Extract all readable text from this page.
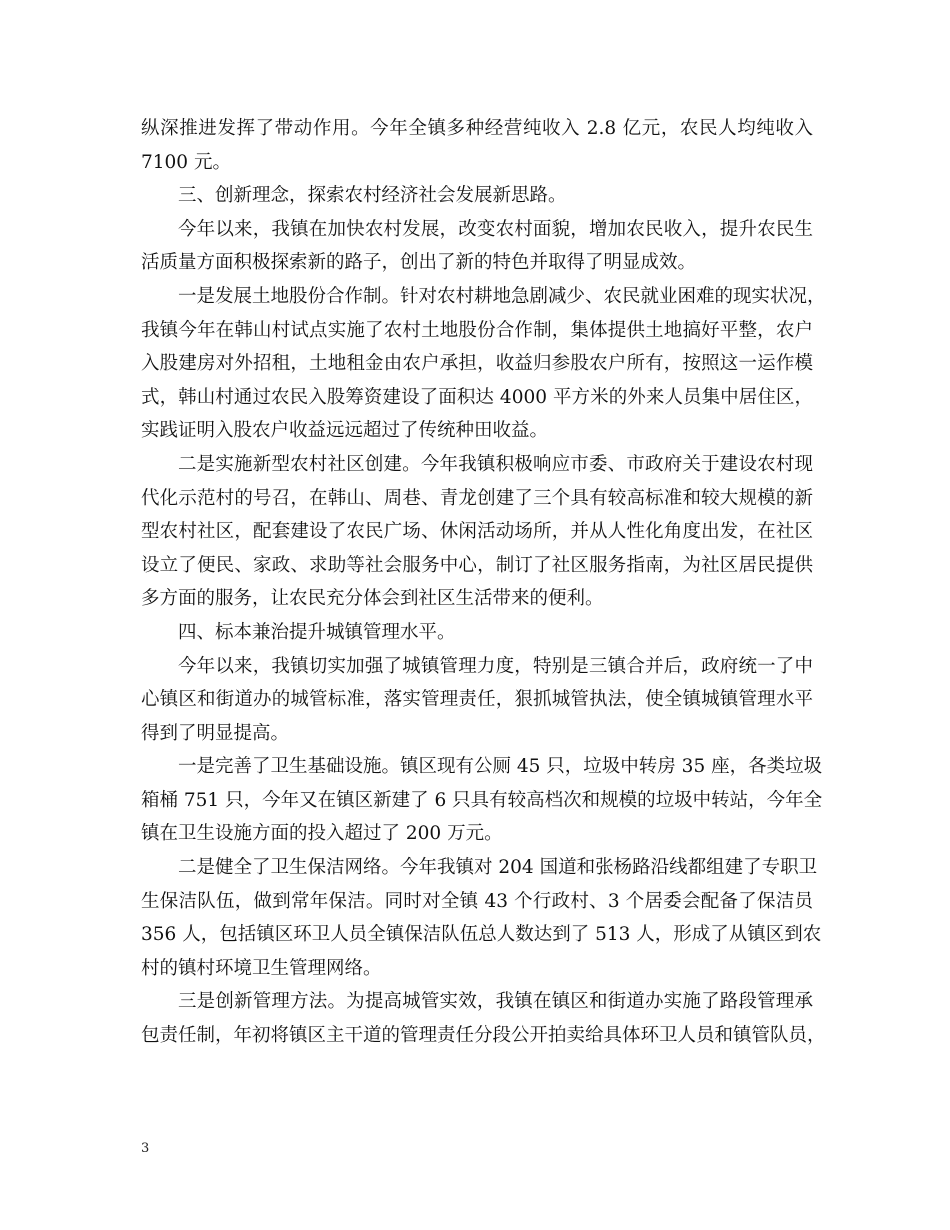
纵深推进发挥了带动作用。今年全镇多种经营纯收入 2.8 亿元，农民人均纯收入
7100 元。
三、创新理念，探索农村经济社会发展新思路。
今年以来，我镇在加快农村发展，改变农村面貌，增加农民收入，提升农民生
活质量方面积极探索新的路子，创出了新的特色并取得了明显成效。
一是发展土地股份合作制。针对农村耕地急剧减少、农民就业困难的现实状况，
我镇今年在韩山村试点实施了农村土地股份合作制，集体提供土地搞好平整，农户
入股建房对外招租，土地租金由农户承担，收益归参股农户所有，按照这一运作模
式，韩山村通过农民入股筹资建设了面积达 4000 平方米的外来人员集中居住区，
实践证明入股农户收益远远超过了传统种田收益。
二是实施新型农村社区创建。今年我镇积极响应市委、市政府关于建设农村现
代化示范村的号召，在韩山、周巷、青龙创建了三个具有较高标准和较大规模的新
型农村社区，配套建设了农民广场、休闲活动场所，并从人性化角度出发，在社区
设立了便民、家政、求助等社会服务中心，制订了社区服务指南，为社区居民提供
多方面的服务，让农民充分体会到社区生活带来的便利。
四、标本兼治提升城镇管理水平。
今年以来，我镇切实加强了城镇管理力度，特别是三镇合并后，政府统一了中
心镇区和街道办的城管标准，落实管理责任，狠抓城管执法，使全镇城镇管理水平
得到了明显提高。
一是完善了卫生基础设施。镇区现有公厕 45 只，垃圾中转房 35 座，各类垃圾
箱桶 751 只，今年又在镇区新建了 6 只具有较高档次和规模的垃圾中转站，今年全
镇在卫生设施方面的投入超过了 200 万元。
二是健全了卫生保洁网络。今年我镇对 204 国道和张杨路沿线都组建了专职卫
生保洁队伍，做到常年保洁。同时对全镇 43 个行政村、3 个居委会配备了保洁员
356 人，包括镇区环卫人员全镇保洁队伍总人数达到了 513 人，形成了从镇区到农
村的镇村环境卫生管理网络。
三是创新管理方法。为提高城管实效，我镇在镇区和街道办实施了路段管理承
包责任制，年初将镇区主干道的管理责任分段公开拍卖给具体环卫人员和镇管队员，
3
